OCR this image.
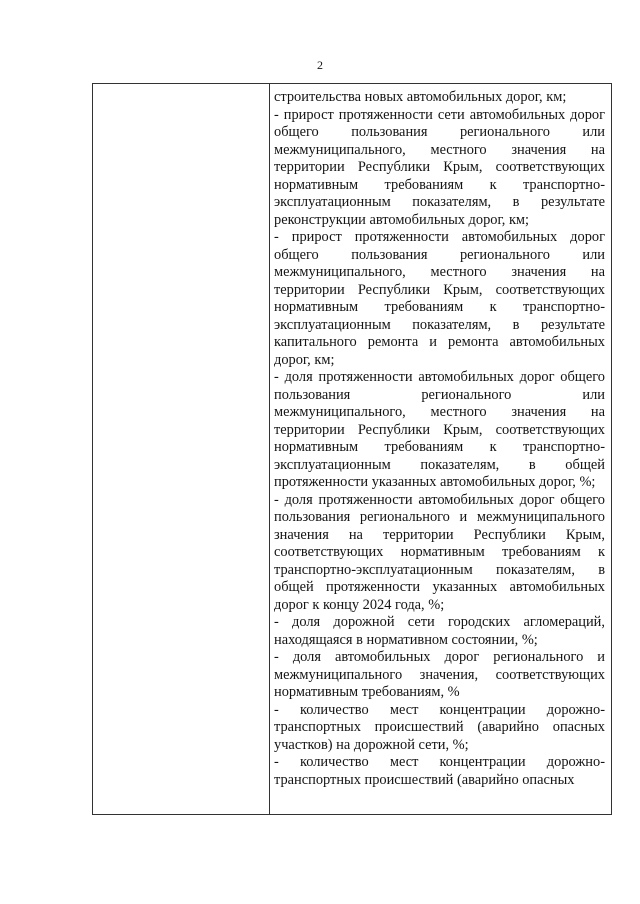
2

строительства новых автомобильных дорог, км;

- прирост протяженности сети автомобильных дорог общего пользования регионального или межмуниципального, местного значения на территории Республики Крым, соответствующих нормативным требованиям к транспортно-эксплуатационным показателям, в результате реконструкции автомобильных дорог, км;

- прирост протяженности автомобильных дорог общего пользования регионального или межмуниципального, местного значения на территории Республики Крым, соответствующих нормативным требованиям к транспортно-эксплуатационным показателям, в результате капитального ремонта и ремонта автомобильных дорог, км;

- доля протяженности автомобильных дорог общего пользования регионального или межмуниципального, местного значения на территории Республики Крым, соответствующих нормативным требованиям к транспортно-эксплуатационным показателям, в общей протяженности указанных автомобильных дорог, %;

- доля протяженности автомобильных дорог общего пользования регионального и межмуниципального значения на территории Республики Крым, соответствующих нормативным требованиям к транспортно-эксплуатационным показателям, в общей протяженности указанных автомобильных дорог к концу 2024 года, %;

- доля дорожной сети городских агломераций, находящаяся в нормативном состоянии, %;

- доля автомобильных дорог регионального и межмуниципального значения, соответствующих нормативным требованиям, %

- количество мест концентрации дорожно-транспортных происшествий (аварийно опасных участков) на дорожной сети, %;

- количество мест концентрации дорожно-транспортных происшествий (аварийно опасных
